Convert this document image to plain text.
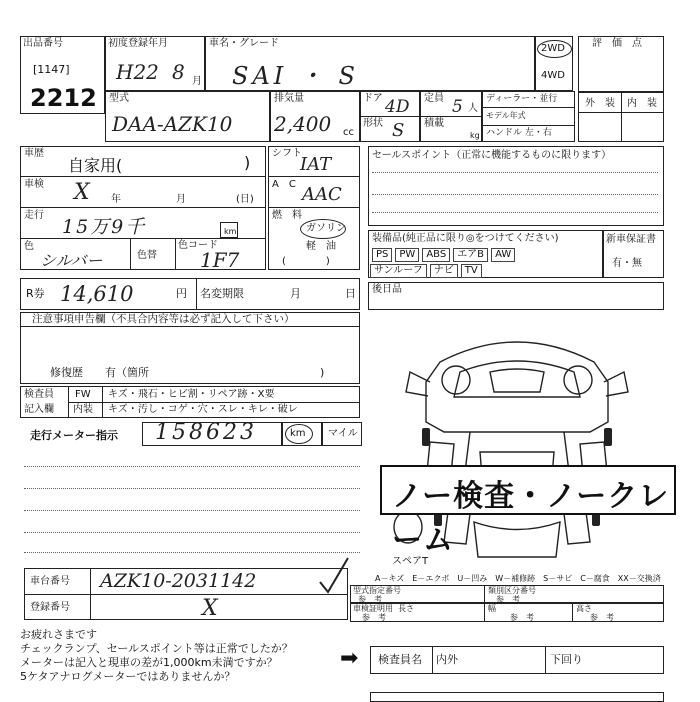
出品番号
[1147]
2212
初度登録年月
H22 8 月
車名・グレード
SAI ・ S
2WD
4WD
評　価　点
外　装 内　装
型式
DAA-AZK10
排気量
2,400 cc
ドア 4D
形状 S
定員 5 人
積載
kg
ディーラー・並行
モデル年式
ハンドル 左・右
車歴
自家用(	)
車検 X 年	月	(日)
走行
15万9千	km
色
シルバー	色替
色コード
1F7
シフト
IAT
A　C AAC
燃　料
ガソリン
軽　油
(　　　　)
セールスポイント（正常に機能するものに限ります）
装備品(純正品に限り◎をつけてください)
PS	PW	ABS	エアB	AW
サンルーフ	ナビ	TV
新車保証書
有・無
R券 14,610	円 名変期限	月	日 後日品
注意事項申告欄（不具合内容等は必ず記入して下さい）
修復歴　　有（箇所	)
検査員
記入欄
FW キズ・飛石・ヒビ割・リペア跡・X要
内装 キズ・汚し・コゲ・穴・スレ・キレ・破レ
走行メーター指示 158623	km マイル
ノー検査・ノークレーム
スペアT
A－キズ　E－エクボ　U－凹み　W－補修跡　S－サビ　C－腐食　XX－交換済
車台番号 AZK10-2031142
登録番号	X
型式指定番号	類別区分番号
参　考	参　考
車検証明用 長さ	幅	高さ
参　考	参　考	参　考
お疲れさまです
チェックランプ、セールスポイント等は正常でしたか？
メーターは記入と現車の差が1,000km未満ですか？
5ケタアナログメーターではありませんか？
➡ 検査員名 内外	下回り
